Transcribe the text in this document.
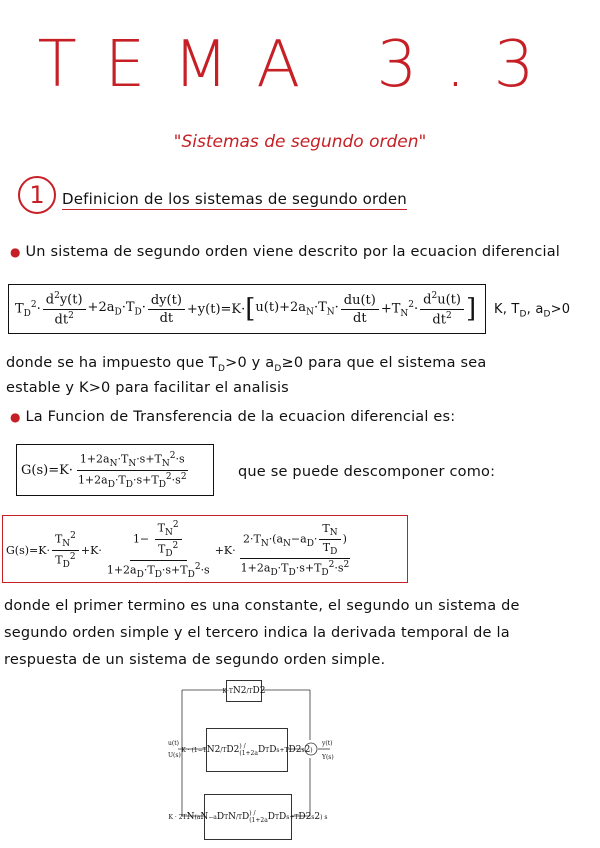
TEMA 3.3
"Sistemas de segundo orden"
1	Definicion de los sistemas de segundo orden
● Un sistema de segundo orden viene descrito por la ecuacion diferencial
$T_D^2\cdot \frac{d^2y(t)}{dt^2} +2a_D\cdot T_D\cdot \frac{dy(t)}{dt} +y(t)=K\cdot$ [ $u(t)+2a_N\cdot T_N\cdot \frac{du(t)}{dt} +T_N^2\cdot \frac{d^2u(t)}{dt^2}$ ] K, $T_D$, $a_D>0$
donde se ha impuesto que $T_D>0$ y $a_D\ge 0$ para que el sistema sea
estable y K>0 para facilitar el analisis
● La Funcion de Transferencia de la ecuacion diferencial es:
$G(s)=K\cdot \frac{1+2a_N\cdot T_N\cdot s+T_N^2\cdot s}{1+2a_D\cdot T_D\cdot s+T_D^2\cdot s^2}$	que se puede descomponer como:
$G(s)=K\cdot \frac{T_N^2}{T_D^2} +K\cdot \frac{1- \frac{T_N^2}{T_D^2}}{1+2a_D\cdot T_D\cdot s+T_D^2\cdot s} +K\cdot \frac{2\cdot T_N\cdot(a_N-a_D\cdot \frac{T_N}{T_D} )}{1+2a_D\cdot T_D\cdot s+T_D^2\cdot s^2}$
donde el primer termino es una constante, el segundo un sistema de
segundo orden simple y el tercero indica la derivada temporal de la
respuesta de un sistema de segundo orden simple.
u(t)
U(s)
y(t)
Y(s)
K ·T N 2 /T D 2
K · ( 1− T N 2 /T D 2 ) / (1+2a D T D s+T D 2 s 2 )
K · 2T N (a N −a D T N /T D ) / (1+2a D T D s+T D 2 s 2 ) s
